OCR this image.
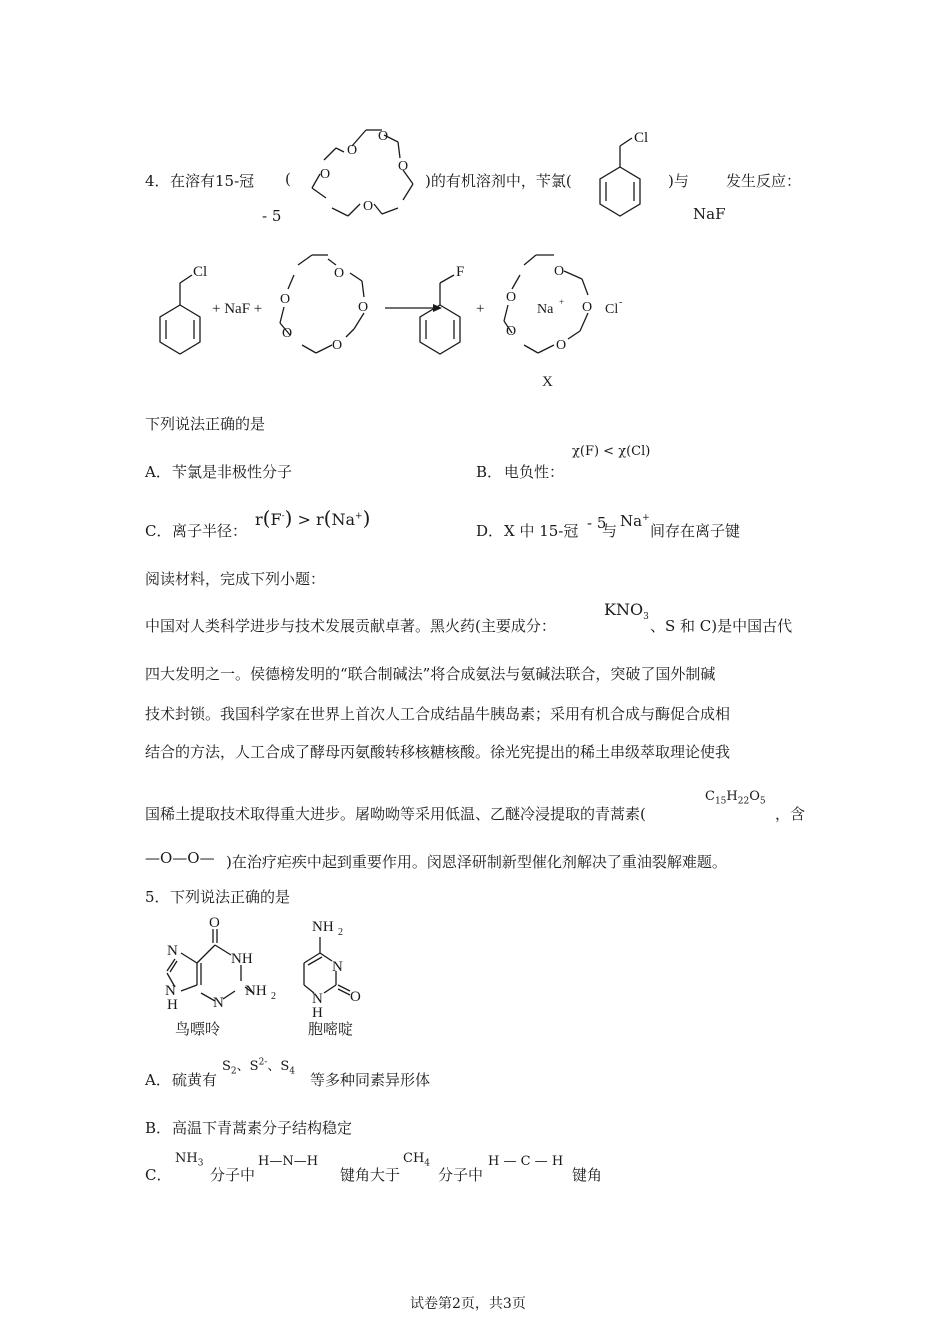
4． 在溶有15-冠 (
- 5
O
O
O
O
O	)的有机溶剂中，苄氯(
Cl
)与 发生反应：
NaF
Cl
+ NaF +
O
O
O
O
O
F
+
O
O
O
O
O
Na +	Cl -
X
下列说法正确的是
A． 苄氯是非极性分子	B． 电负性：
χ(F) < χ(Cl)
C． 离子半径：
r(F-) > r(Na+)
D． X 中 15-冠 - 5
与
Na+
间存在离子键
阅读材料，完成下列小题：
中国对人类科学进步与技术发展贡献卓著。黑火药(主要成分：
$KNO_3$ 、S 和 C)是中国古代
四大发明之一。侯德榜发明的“联合制碱法”将合成氨法与氨碱法联合，突破了国外制碱
技术封锁。我国科学家在世界上首次人工合成结晶牛胰岛素；采用有机合成与酶促合成相
结合的方法，人工合成了酵母丙氨酸转移核糖核酸。徐光宪提出的稀土串级萃取理论使我
国稀土提取技术取得重大进步。屠呦呦等采用低温、乙醚冷浸提取的青蒿素(
$C_{15}H_{22}O_5$
，含
—O—O— )在治疗疟疾中起到重要作用。闵恩泽研制新型催化剂解决了重油裂解难题。
5． 下列说法正确的是
O
N	NH
N
H N
NH 2
鸟嘌呤
NH 2
N
N
H
O
胞嘧啶
A． 硫黄有
$S_2$、$S^{2-}$、$S_4$ 等多种同素异形体
B． 高温下青蒿素分子结构稳定
C．
$NH_3$
分子中
H—N—H
键角大于
$CH_4$
分子中
H — C — H
键角
试卷第2页，共3页
